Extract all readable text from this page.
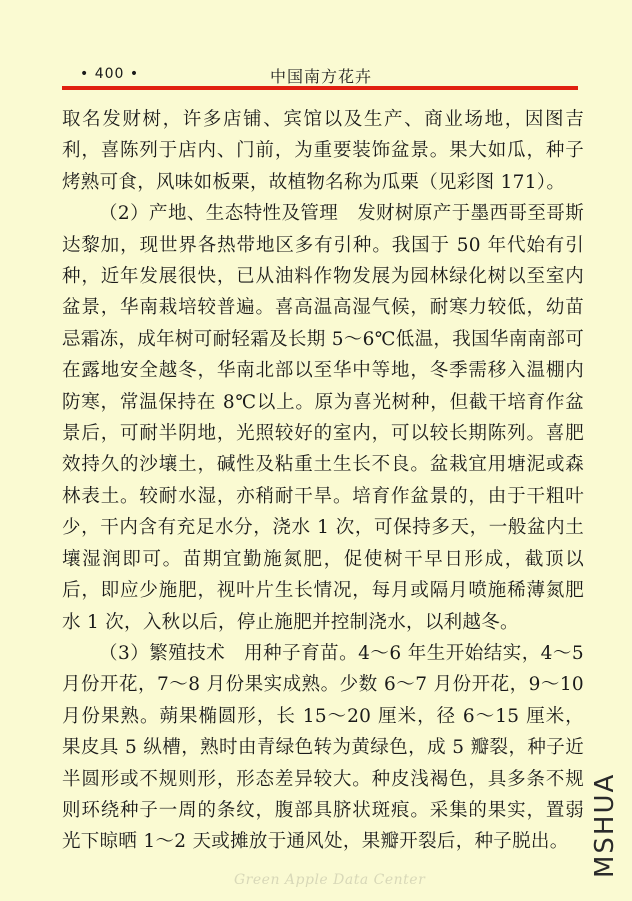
• 400 •	中国南方花卉

取名发财树，许多店铺、宾馆以及生产、商业场地，因图吉利，喜陈列于店内、门前，为重要装饰盆景。果大如瓜，种子烤熟可食，风味如板栗，故植物名称为瓜栗（见彩图 171）。

（2）产地、生态特性及管理　发财树原产于墨西哥至哥斯达黎加，现世界各热带地区多有引种。我国于 50 年代始有引种，近年发展很快，已从油料作物发展为园林绿化树以至室内盆景，华南栽培较普遍。喜高温高湿气候，耐寒力较低，幼苗忌霜冻，成年树可耐轻霜及长期 5～6℃低温，我国华南南部可在露地安全越冬，华南北部以至华中等地，冬季需移入温棚内防寒，常温保持在 8℃以上。原为喜光树种，但截干培育作盆景后，可耐半阴地，光照较好的室内，可以较长期陈列。喜肥效持久的沙壤土，碱性及粘重土生长不良。盆栽宜用塘泥或森林表土。较耐水湿，亦稍耐干旱。培育作盆景的，由于干粗叶少，干内含有充足水分，浇水 1 次，可保持多天，一般盆内土壤湿润即可。苗期宜勤施氮肥，促使树干早日形成，截顶以后，即应少施肥，视叶片生长情况，每月或隔月喷施稀薄氮肥水 1 次，入秋以后，停止施肥并控制浇水，以利越冬。

（3）繁殖技术　用种子育苗。4～6 年生开始结实，4～5 月份开花，7～8 月份果实成熟。少数 6～7 月份开花，9～10 月份果熟。蒴果椭圆形，长 15～20 厘米，径 6～15 厘米，果皮具 5 纵槽，熟时由青绿色转为黄绿色，成 5 瓣裂，种子近半圆形或不规则形，形态差异较大。种皮浅褐色，具多条不规则环绕种子一周的条纹，腹部具脐状斑痕。采集的果实，置弱光下晾晒 1～2 天或摊放于通风处，果瓣开裂后，种子脱出。

Green Apple Data Center
MSHUA
